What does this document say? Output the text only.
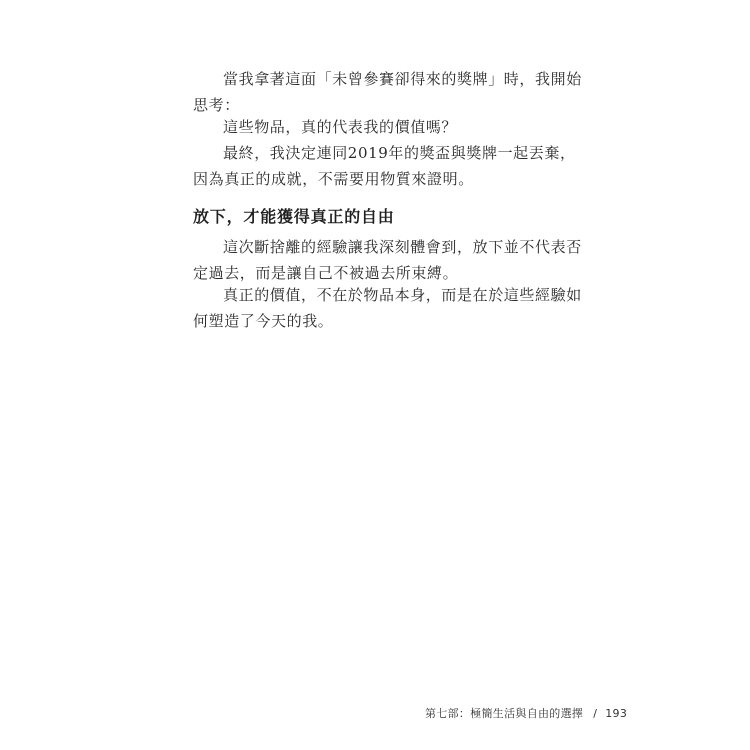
當我拿著這面「未曾參賽卻得來的獎牌」時，我開始思考：

這些物品，真的代表我的價值嗎？

最終，我決定連同2019年的獎盃與獎牌一起丟棄，因為真正的成就，不需要用物質來證明。

放下，才能獲得真正的自由

這次斷捨離的經驗讓我深刻體會到，放下並不代表否定過去，而是讓自己不被過去所束縛。

真正的價值，不在於物品本身，而是在於這些經驗如何塑造了今天的我。

第七部：極簡生活與自由的選擇 / 193
